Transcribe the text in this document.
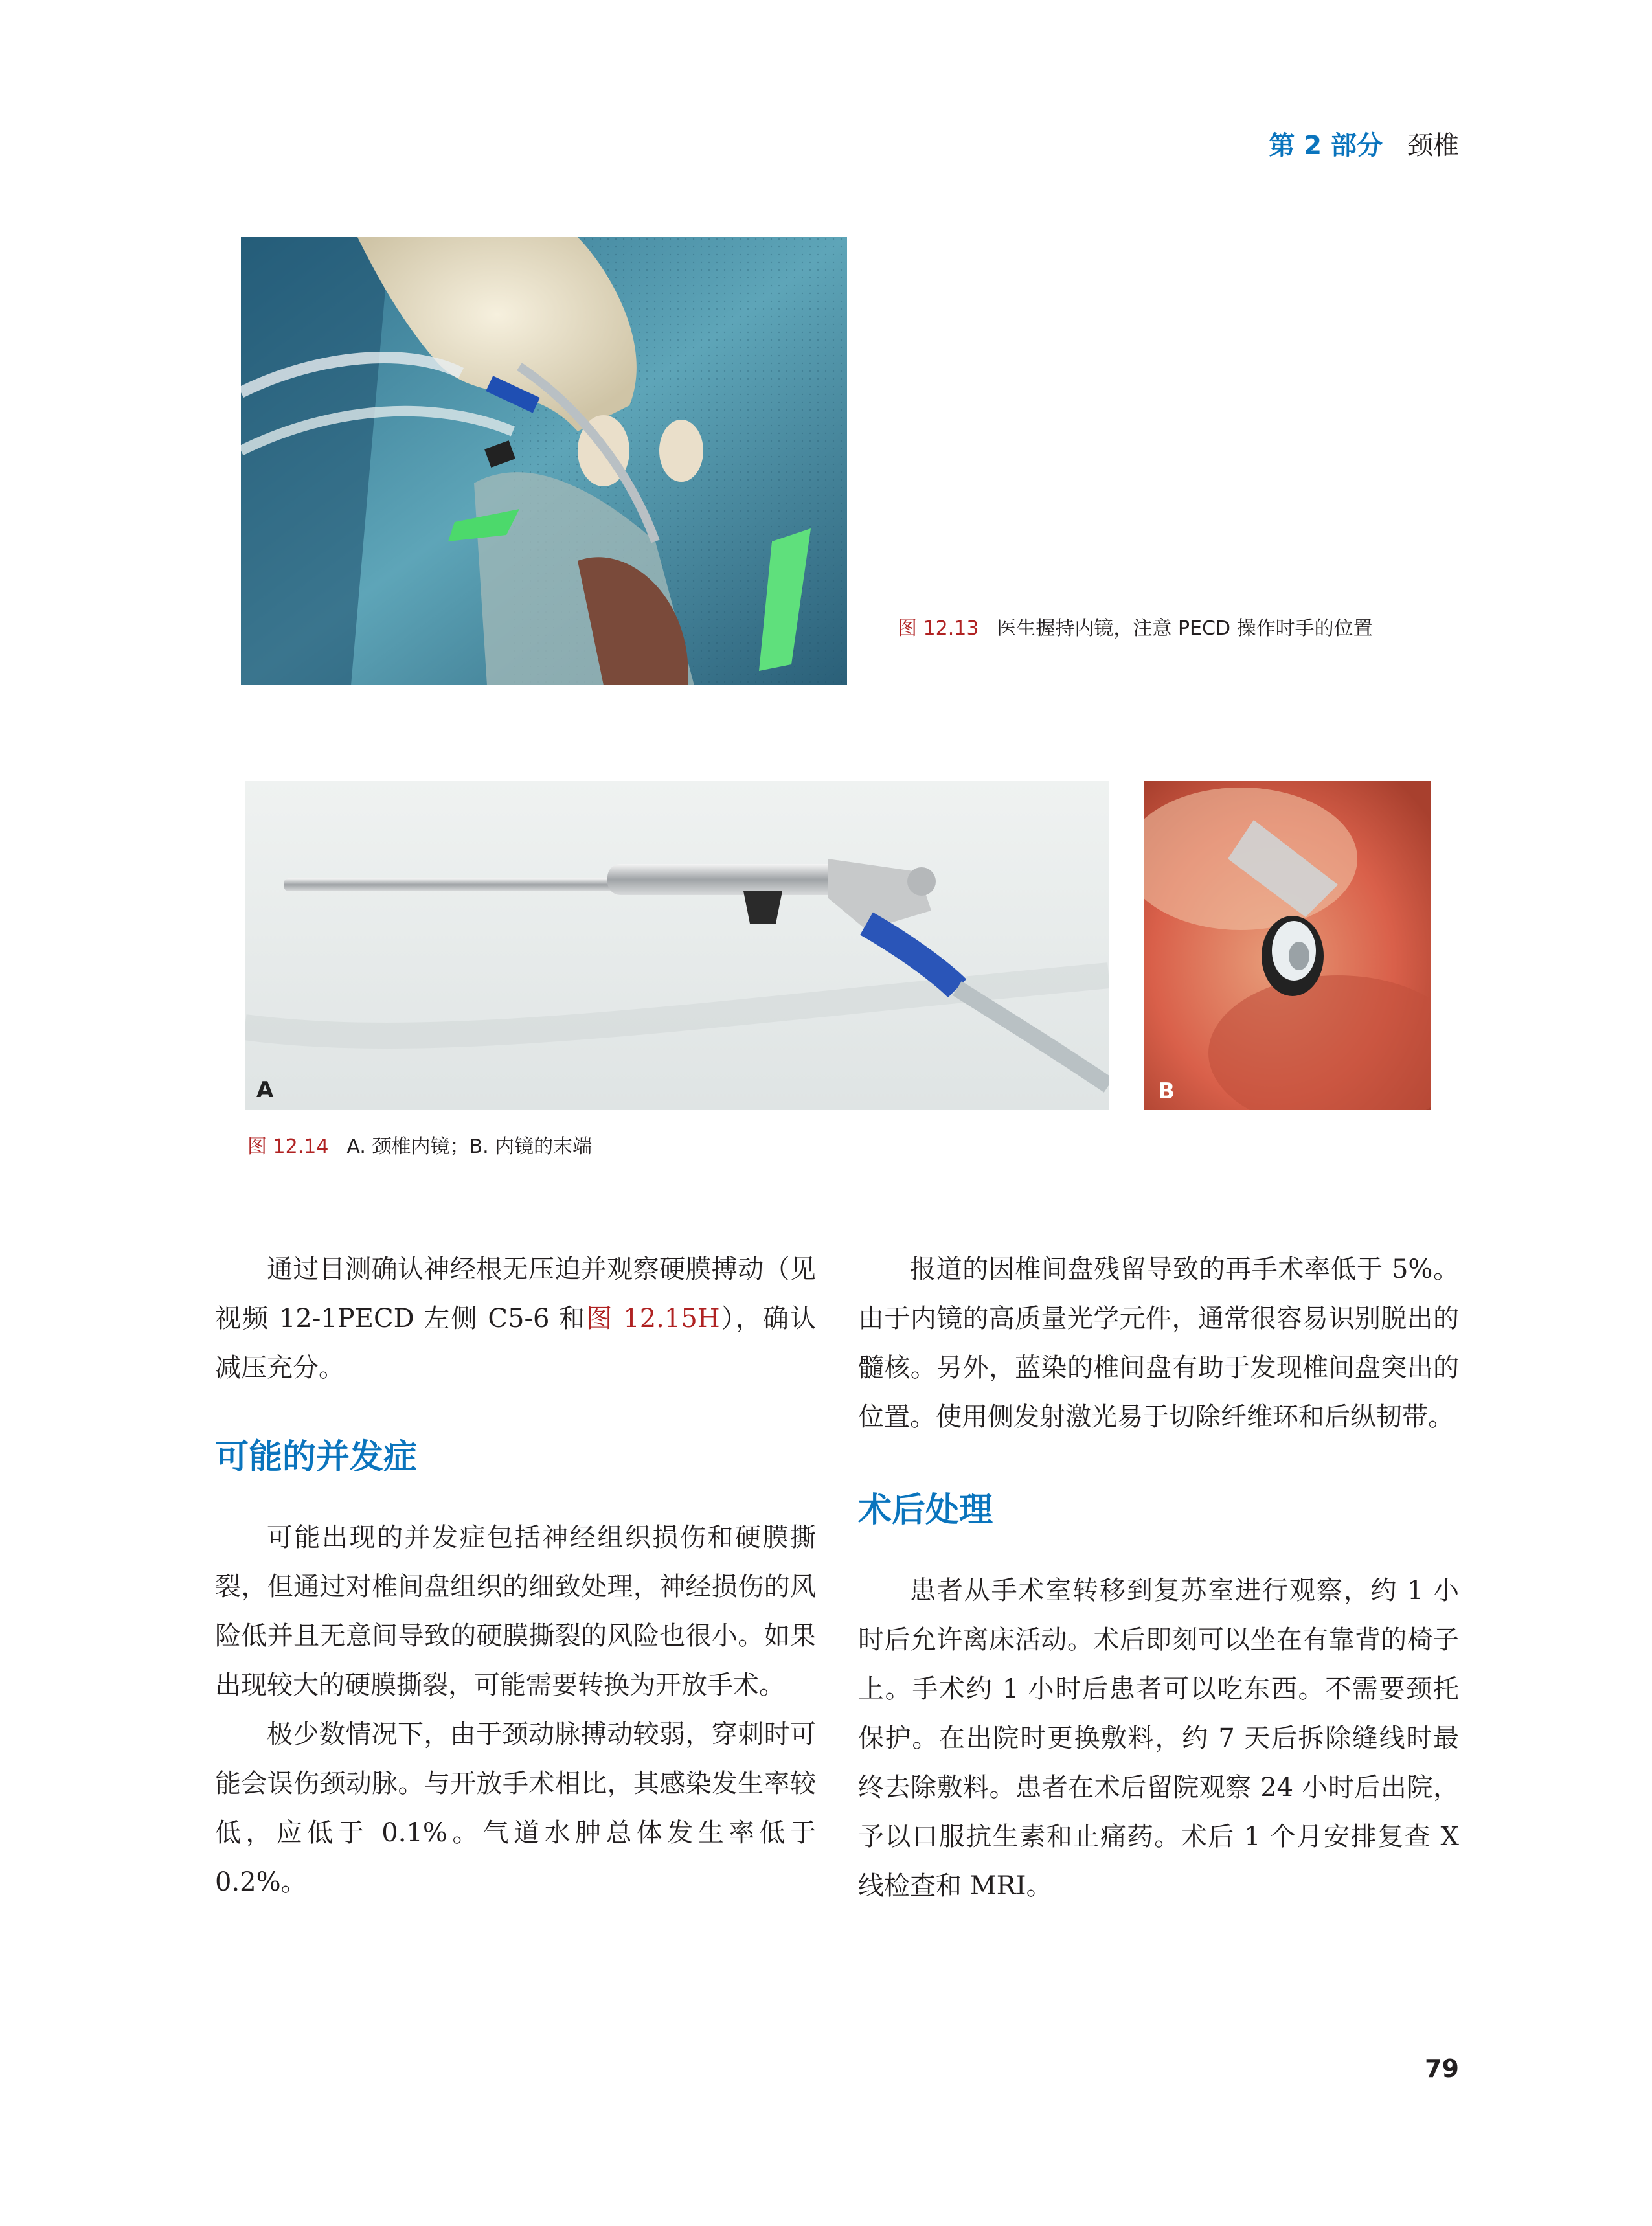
第 2 部分 颈椎
图 12.13 医生握持内镜，注意 PECD 操作时手的位置
A	B
图 12.14 A. 颈椎内镜；B. 内镜的末端

通过目测确认神经根无压迫并观察硬膜搏动（见视频 12-1PECD 左侧 C5-6 和图 12.15H），确认减压充分。

可能的并发症

可能出现的并发症包括神经组织损伤和硬膜撕裂，但通过对椎间盘组织的细致处理，神经损伤的风险低并且无意间导致的硬膜撕裂的风险也很小。如果出现较大的硬膜撕裂，可能需要转换为开放手术。

极少数情况下，由于颈动脉搏动较弱，穿刺时可能会误伤颈动脉。与开放手术相比，其感染发生率较低，应低于 0.1%。气道水肿总体发生率低于 0.2%。

报道的因椎间盘残留导致的再手术率低于 5%。由于内镜的高质量光学元件，通常很容易识别脱出的髓核。另外，蓝染的椎间盘有助于发现椎间盘突出的位置。使用侧发射激光易于切除纤维环和后纵韧带。

术后处理

患者从手术室转移到复苏室进行观察，约 1 小时后允许离床活动。术后即刻可以坐在有靠背的椅子上。手术约 1 小时后患者可以吃东西。不需要颈托保护。在出院时更换敷料，约 7 天后拆除缝线时最终去除敷料。患者在术后留院观察 24 小时后出院，予以口服抗生素和止痛药。术后 1 个月安排复查 X 线检查和 MRI。

79
